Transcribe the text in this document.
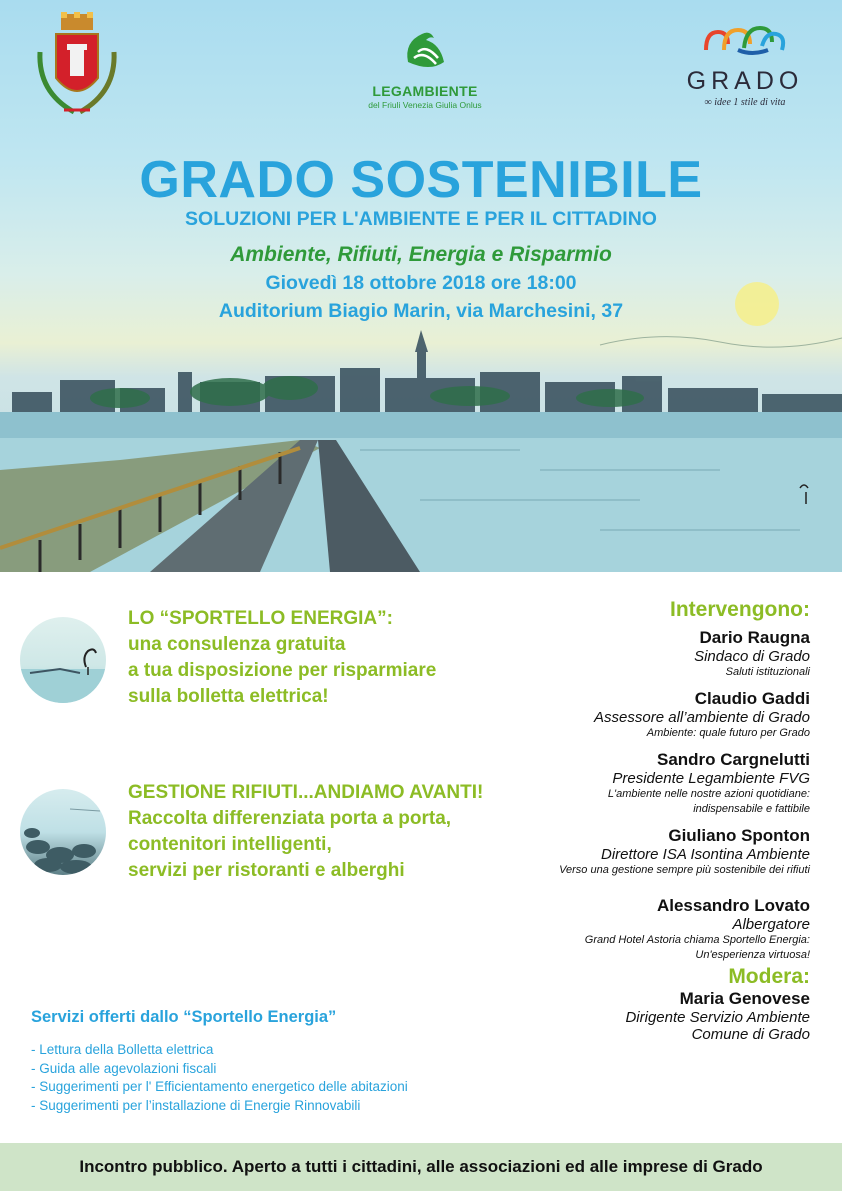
LEGAMBIENTE
del Friuli Venezia Giulia Onlus
GRADO
∞ idee 1 stile di vita
GRADO SOSTENIBILE
SOLUZIONI PER L'AMBIENTE E PER IL CITTADINO
Ambiente, Rifiuti, Energia e Risparmio
Giovedì 18 ottobre 2018 ore 18:00
Auditorium Biagio Marin, via Marchesini, 37
LO “SPORTELLO ENERGIA”:
una consulenza gratuita
a tua disposizione per risparmiare
sulla bolletta elettrica!
GESTIONE RIFIUTI...ANDIAMO AVANTI!
Raccolta differenziata porta a porta,
contenitori intelligenti,
servizi per ristoranti e alberghi
Servizi offerti dallo “Sportello Energia”
- Lettura della Bolletta elettrica
- Guida alle agevolazioni fiscali
- Suggerimenti per l' Efficientamento energetico delle abitazioni
- Suggerimenti per l’installazione di Energie Rinnovabili
Intervengono:
Dario Raugna
Sindaco di Grado
Saluti istituzionali
Claudio Gaddi
Assessore all’ambiente di Grado
Ambiente: quale futuro per Grado
Sandro Cargnelutti
Presidente Legambiente FVG
L'ambiente nelle nostre azioni quotidiane:
indispensabile e fattibile
Giuliano Sponton
Direttore ISA Isontina Ambiente
Verso una gestione sempre più sostenibile dei rifiuti
Alessandro Lovato
Albergatore
Grand Hotel Astoria chiama Sportello Energia:
Un'esperienza virtuosa!
Modera:
Maria Genovese
Dirigente Servizio Ambiente
Comune di Grado
Incontro pubblico. Aperto a tutti i cittadini, alle associazioni ed alle imprese di Grado
